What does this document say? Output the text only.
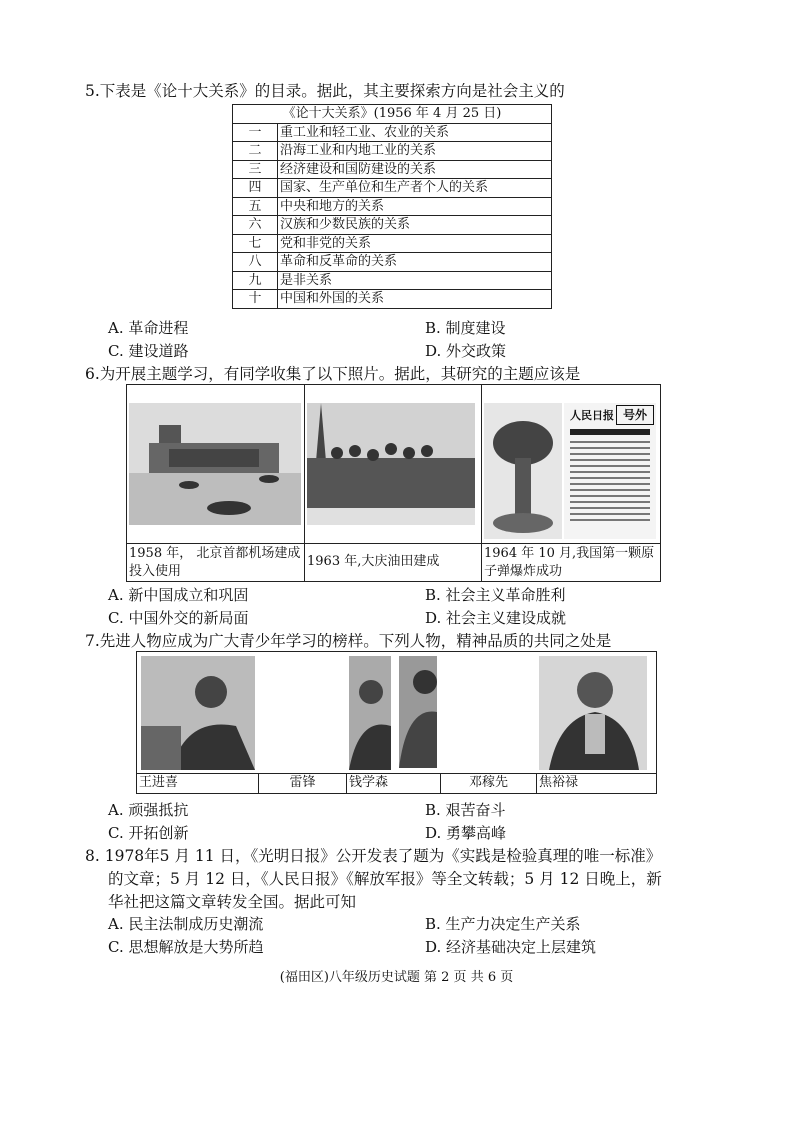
5.下表是《论十大关系》的目录。据此，其主要探索方向是社会主义的
《论十大关系》(1956 年 4 月 25 日)	
一	重工业和轻工业、农业的关系
二	沿海工业和内地工业的关系
三	经济建设和国防建设的关系
四	国家、生产单位和生产者个人的关系
五	中央和地方的关系
六	汉族和少数民族的关系
七	党和非党的关系
八	革命和反革命的关系
九	是非关系
十	中国和外国的关系
A. 革命进程	B. 制度建设
C. 建设道路	D. 外交政策
6.为开展主题学习，有同学收集了以下照片。据此，其研究的主题应该是
1958 年， 北京首都机场建成投入使用
1963 年,大庆油田建成
人民日报 号外
1964 年 10 月,我国第一颗原子弹爆炸成功
A. 新中国成立和巩固	B. 社会主义革命胜利
C. 中国外交的新局面	D. 社会主义建设成就
7.先进人物应成为广大青少年学习的榜样。下列人物，精神品质的共同之处是
王进喜	雷锋	钱学森	邓稼先	焦裕禄
A. 顽强抵抗	B. 艰苦奋斗
C. 开拓创新	D. 勇攀高峰
8. 1978年5 月 11 日，《光明日报》公开发表了题为《实践是检验真理的唯一标准》
的文章；5 月 12 日，《人民日报》《解放军报》等全文转载；5 月 12 日晚上，新
华社把这篇文章转发全国。据此可知
A. 民主法制成历史潮流	B. 生产力决定生产关系
C. 思想解放是大势所趋	D. 经济基础决定上层建筑
(福田区)八年级历史试题 第 2 页 共 6 页
